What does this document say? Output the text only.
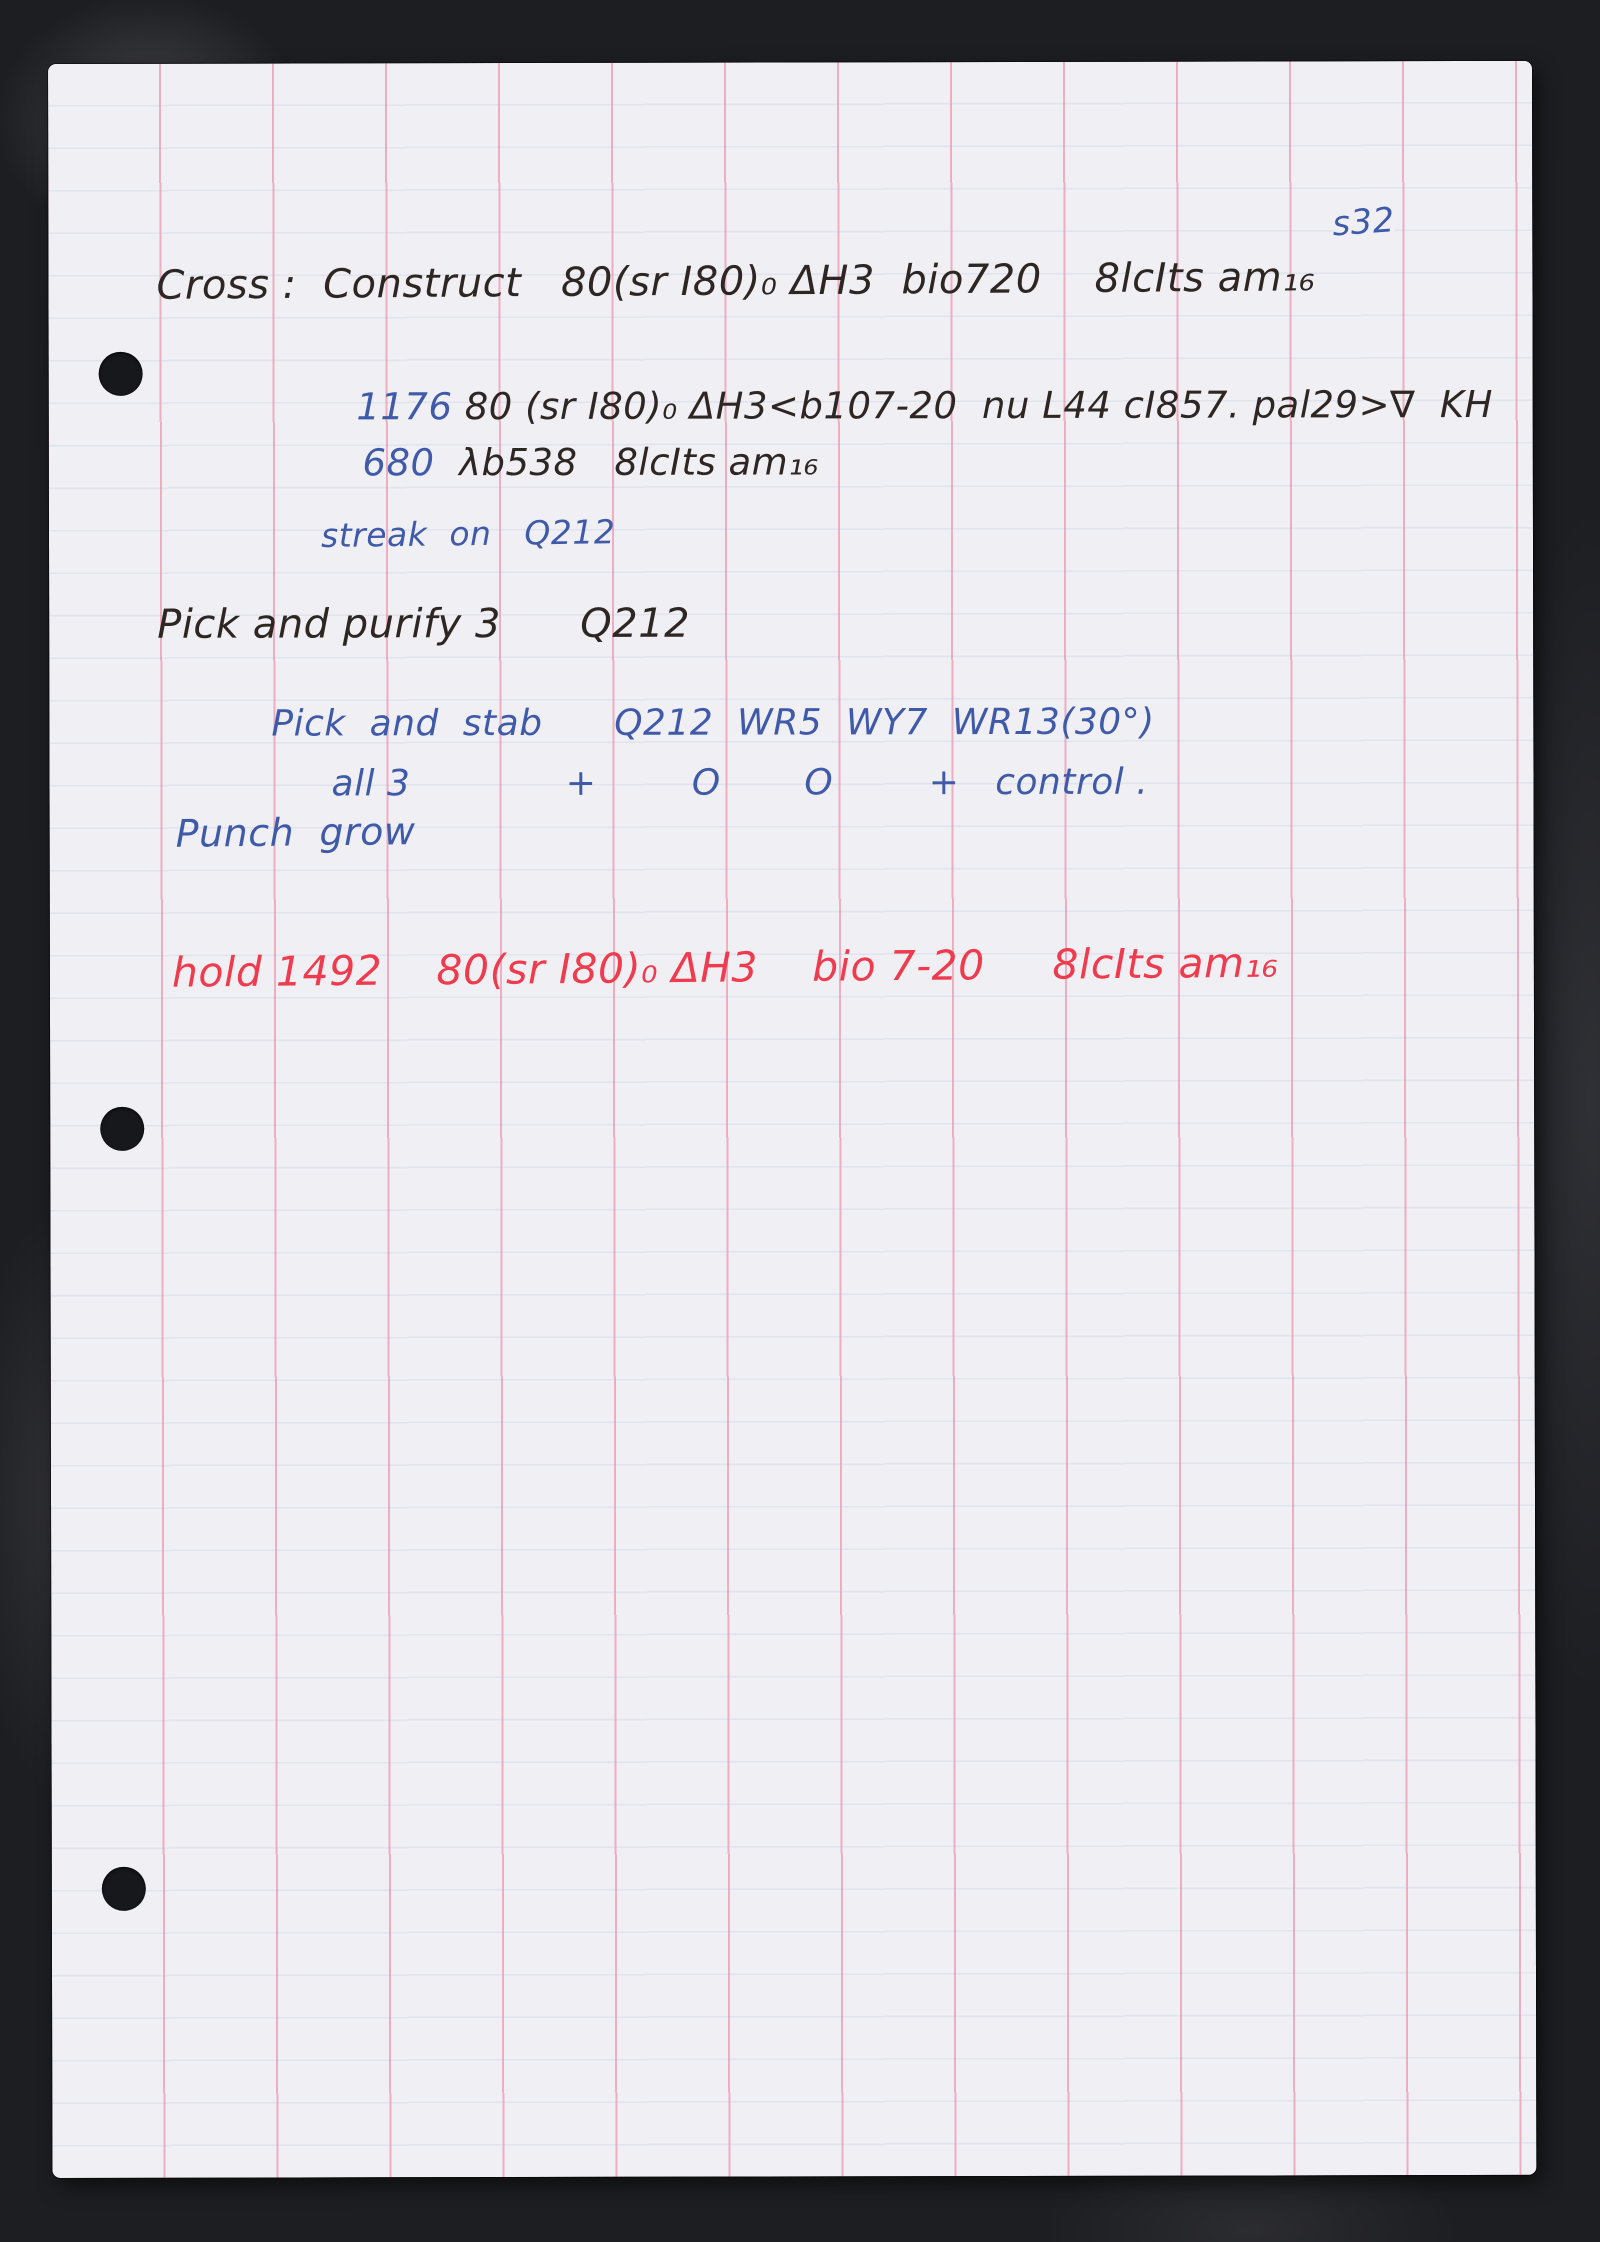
s32
Cross :  Construct   80(sr I80)₀ ΔH3  bio720    8lcIts am₁₆

1176 80 (sr I80)₀ ΔH3<b107-20  nu L44 cI857. pal29>∇  KH

680  λb538   8lcIts am₁₆

streak  on   Q212
Pick and purify 3      Q212
Pick  and  stab      Q212  WR5  WY7  WR13(30°)
all 3             +        O       O        +   control .
Punch  grow
hold 1492    80(sr I80)₀ ΔH3    bio 7-20     8lcIts am₁₆
